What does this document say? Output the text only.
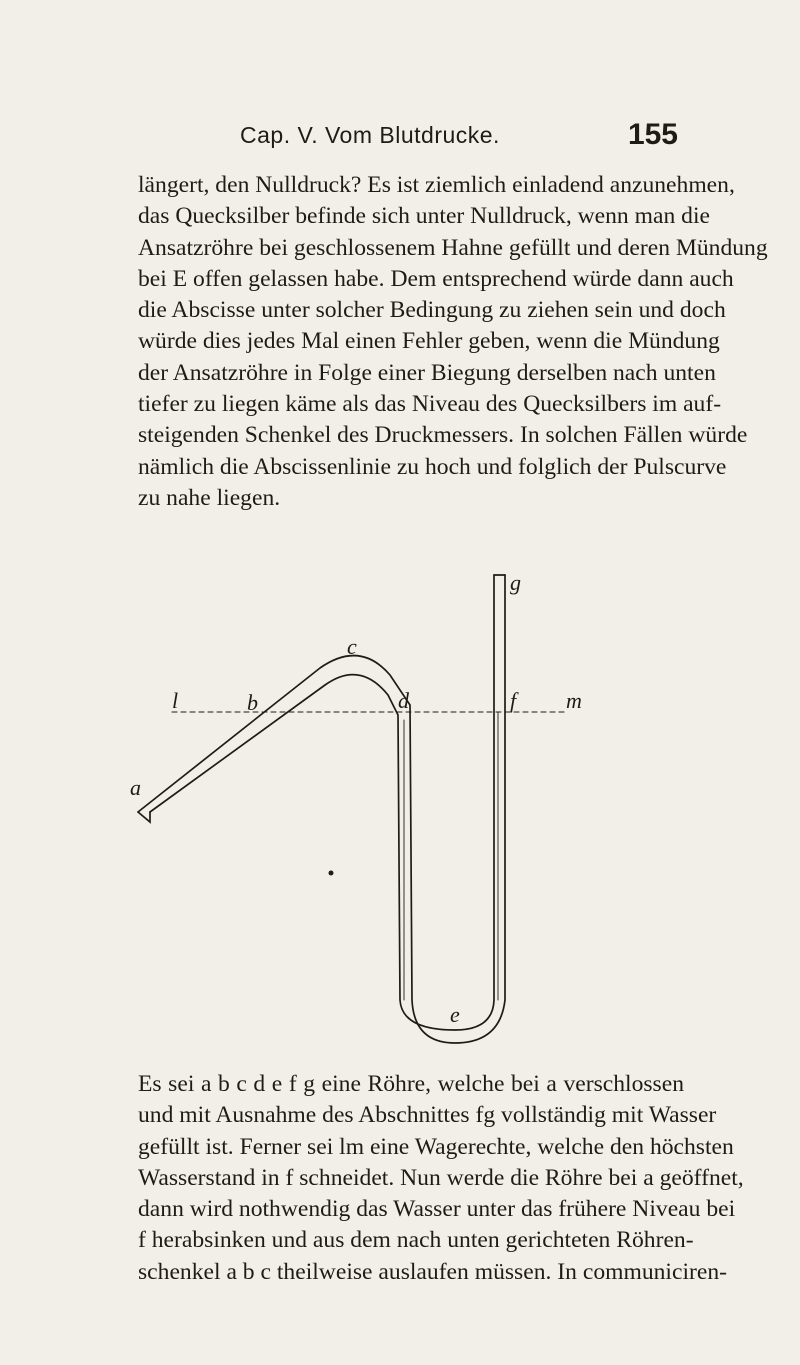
Cap. V. Vom Blutdrucke.	155
längert, den Nulldruck? Es ist ziemlich einladend anzunehmen,
das Quecksilber befinde sich unter Nulldruck, wenn man die
Ansatzröhre bei geschlossenem Hahne gefüllt und deren Mündung
bei E offen gelassen habe. Dem entsprechend würde dann auch
die Abscisse unter solcher Bedingung zu ziehen sein und doch
würde dies jedes Mal einen Fehler geben, wenn die Mündung
der Ansatzröhre in Folge einer Biegung derselben nach unten
tiefer zu liegen käme als das Niveau des Quecksilbers im auf-
steigenden Schenkel des Druckmessers. In solchen Fällen würde
nämlich die Abscissenlinie zu hoch und folglich der Pulscurve
zu nahe liegen.
a
b
c
d
e
f
g
l	m
Es sei a b c d e f g eine Röhre, welche bei a verschlossen
und mit Ausnahme des Abschnittes fg vollständig mit Wasser
gefüllt ist. Ferner sei lm eine Wagerechte, welche den höchsten
Wasserstand in f schneidet. Nun werde die Röhre bei a geöffnet,
dann wird nothwendig das Wasser unter das frühere Niveau bei
f herabsinken und aus dem nach unten gerichteten Röhren-
schenkel a b c theilweise auslaufen müssen. In communiciren-
